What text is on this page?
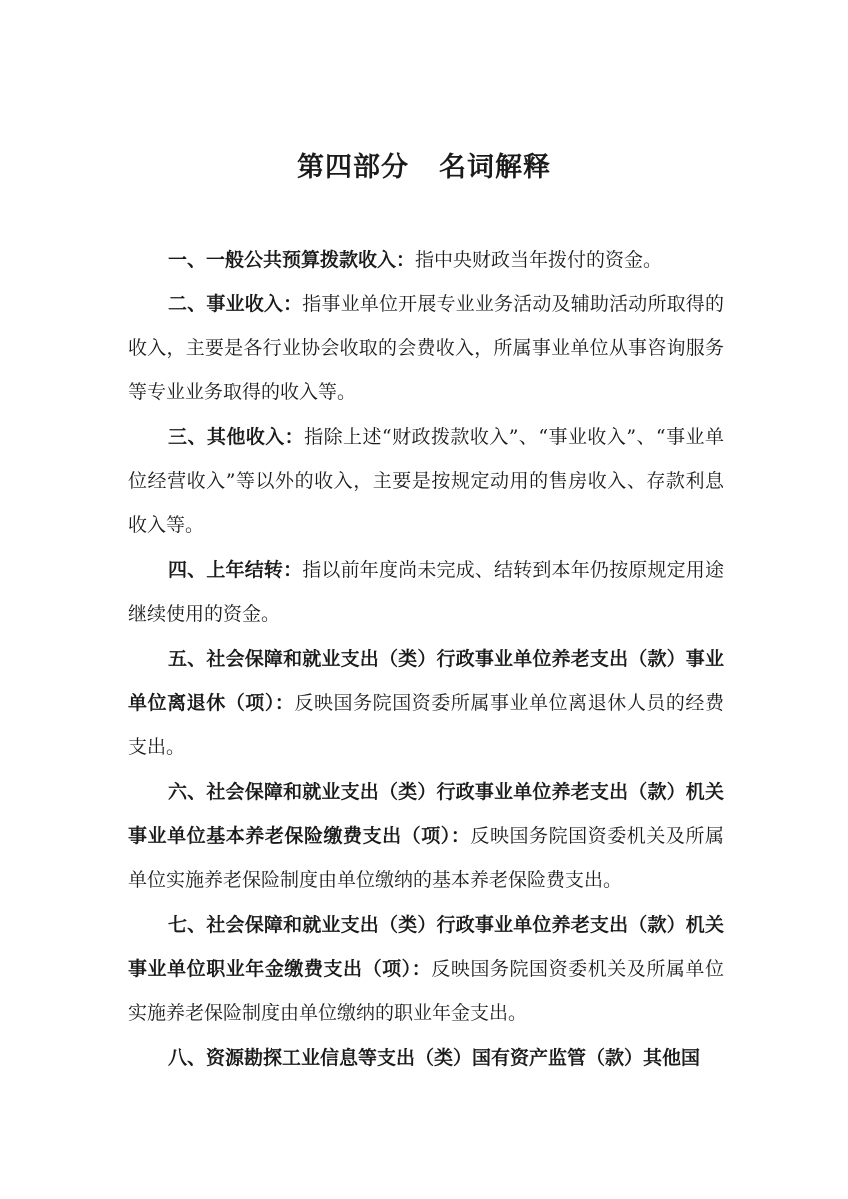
第四部分 名词解释

一、一般公共预算拨款收入：指中央财政当年拨付的资金。

二、事业收入：指事业单位开展专业业务活动及辅助活动所取得的收入，主要是各行业协会收取的会费收入，所属事业单位从事咨询服务等专业业务取得的收入等。

三、其他收入：指除上述“财政拨款收入”、“事业收入”、“事业单位经营收入”等以外的收入，主要是按规定动用的售房收入、存款利息收入等。

四、上年结转：指以前年度尚未完成、结转到本年仍按原规定用途继续使用的资金。

五、社会保障和就业支出（类）行政事业单位养老支出（款）事业单位离退休（项）：反映国务院国资委所属事业单位离退休人员的经费支出。

六、社会保障和就业支出（类）行政事业单位养老支出（款）机关事业单位基本养老保险缴费支出（项）：反映国务院国资委机关及所属单位实施养老保险制度由单位缴纳的基本养老保险费支出。

七、社会保障和就业支出（类）行政事业单位养老支出（款）机关事业单位职业年金缴费支出（项）：反映国务院国资委机关及所属单位实施养老保险制度由单位缴纳的职业年金支出。

八、资源勘探工业信息等支出（类）国有资产监管（款）其他国
